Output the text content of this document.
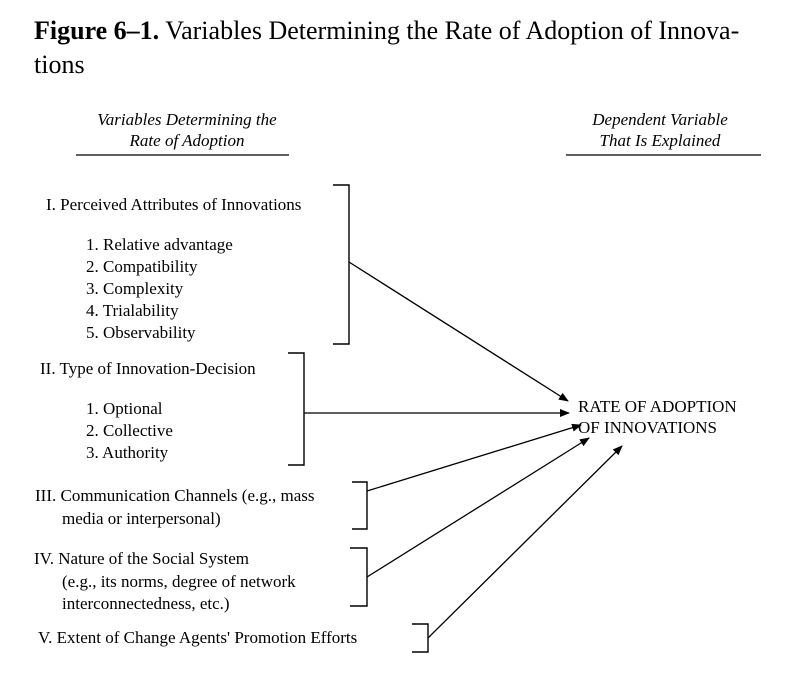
Figure 6–1. Variables Determining the Rate of Adoption of Innova-
tions
Variables Determining the
Rate of Adoption
Dependent Variable
That Is Explained
I. Perceived Attributes of Innovations
1. Relative advantage
2. Compatibility
3. Complexity
4. Trialability
5. Observability
II. Type of Innovation-Decision
1. Optional
2. Collective
3. Authority
III. Communication Channels (e.g., mass
media or interpersonal)
IV. Nature of the Social System
(e.g., its norms, degree of network
interconnectedness, etc.)
V. Extent of Change Agents' Promotion Efforts
RATE OF ADOPTION
OF INNOVATIONS
